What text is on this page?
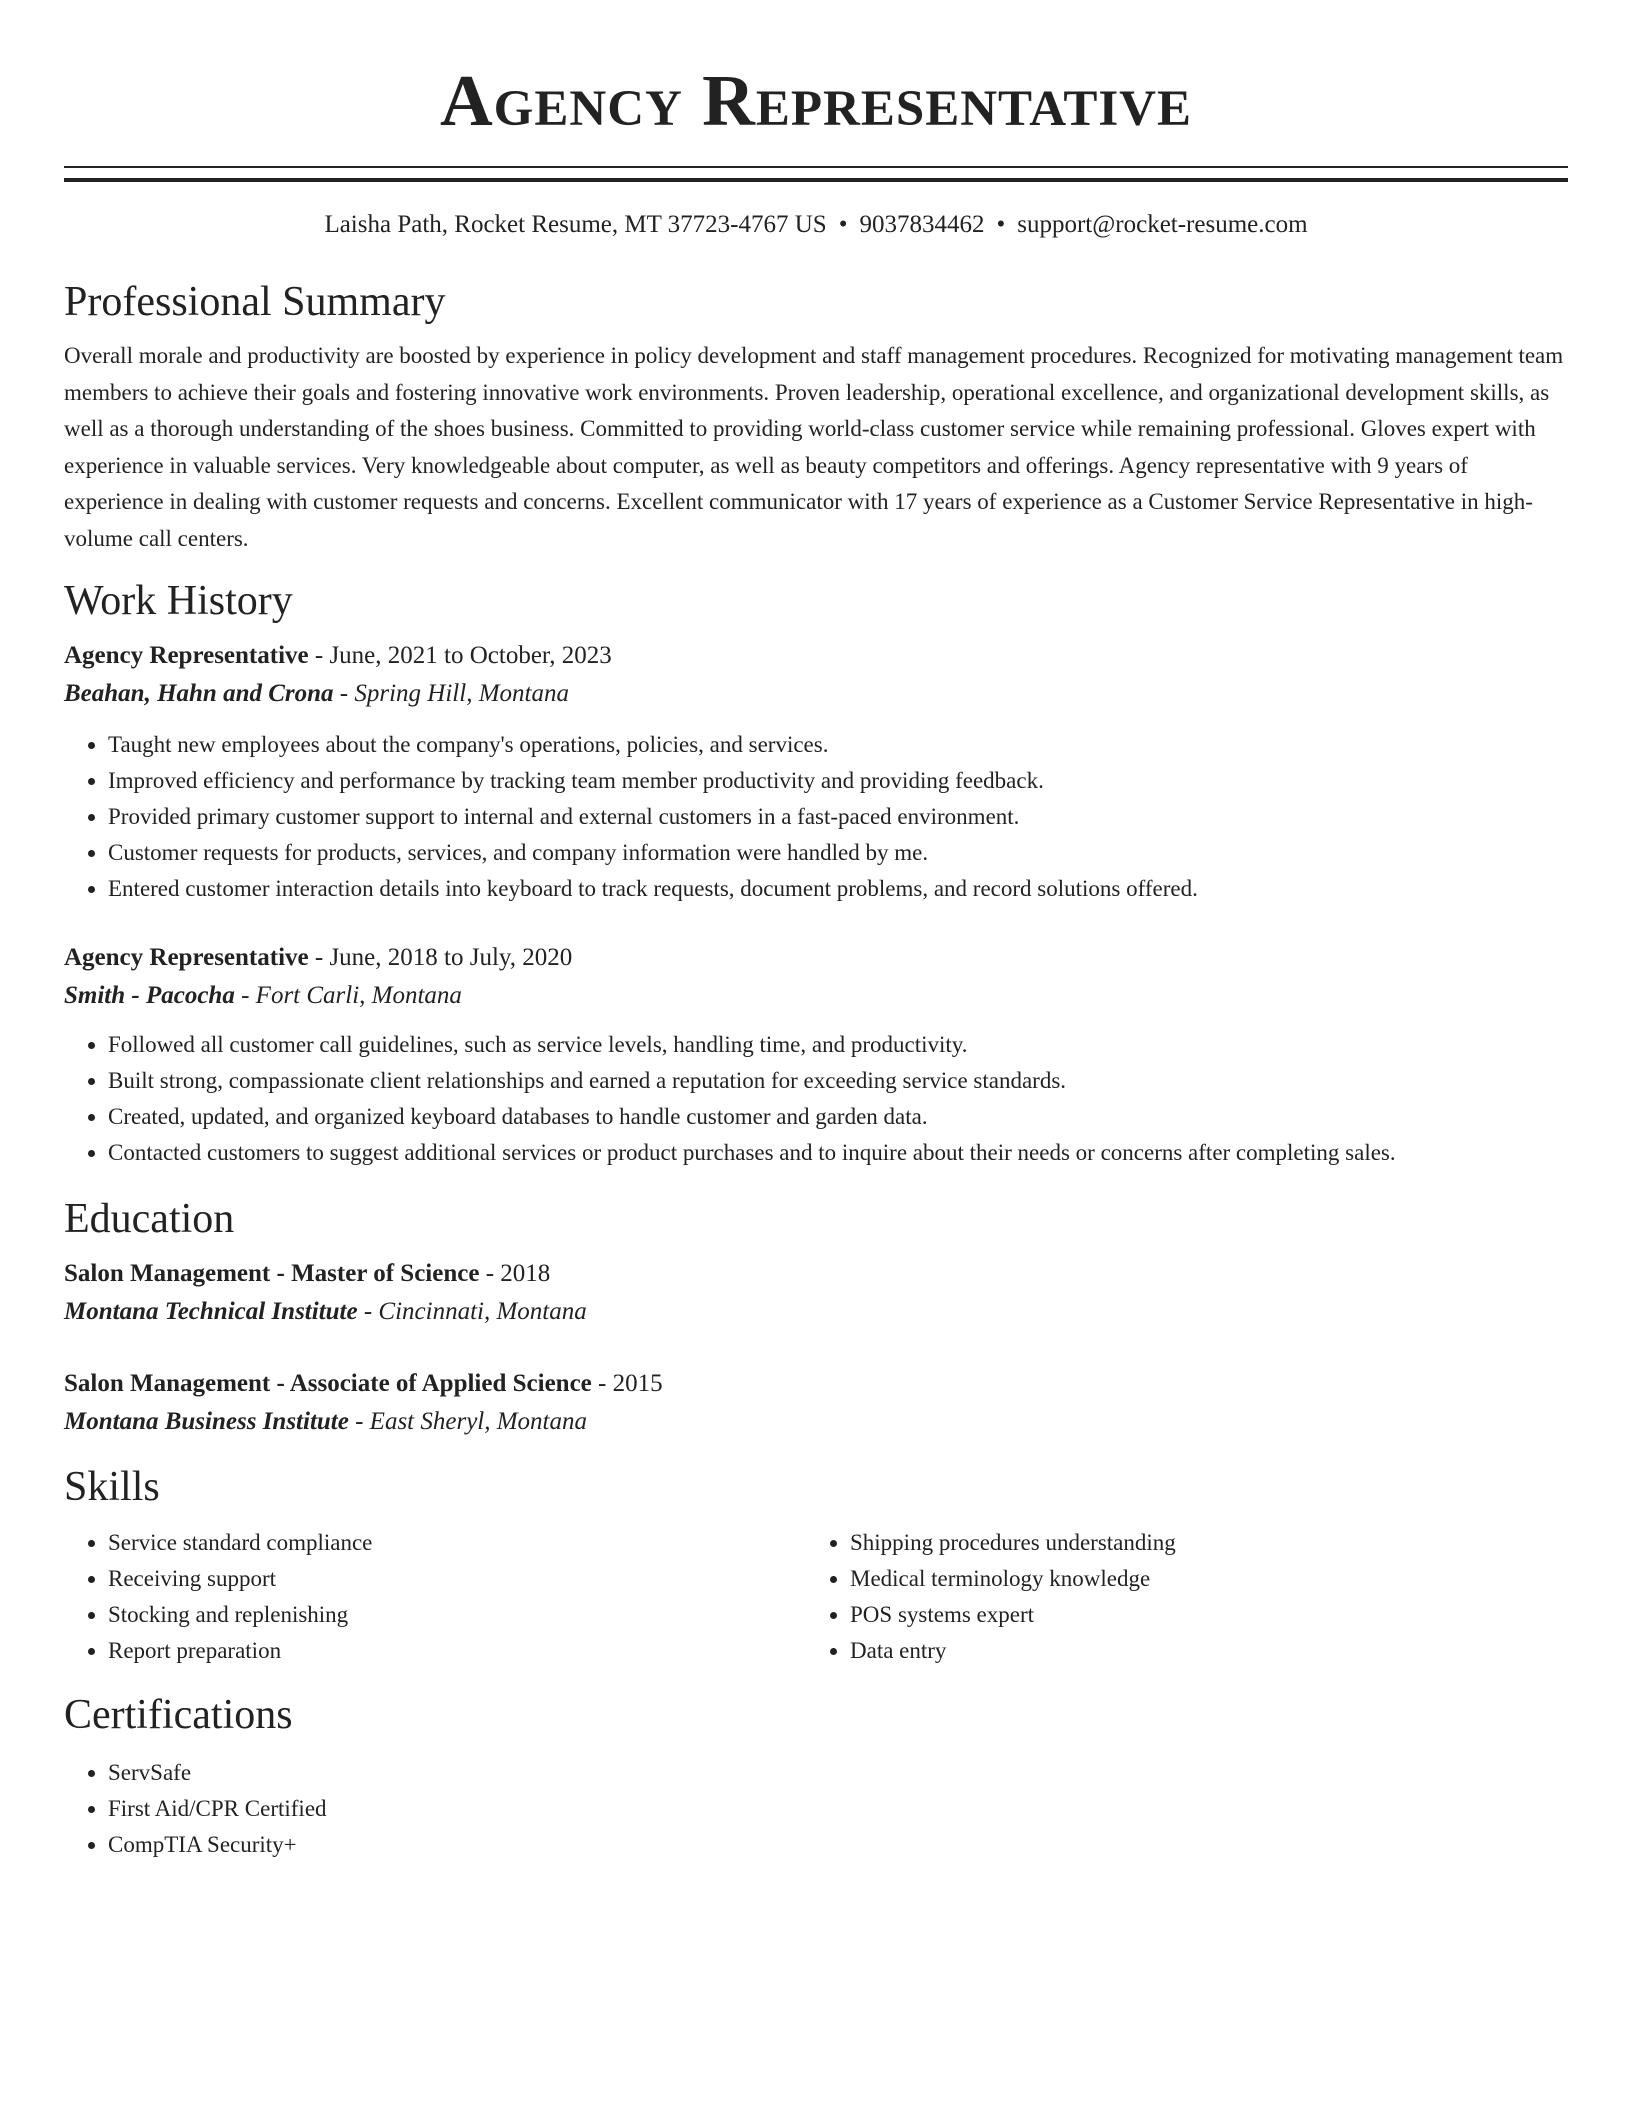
Agency Representative
Laisha Path, Rocket Resume, MT 37723-4767 US • 9037834462 • support@rocket-resume.com
Professional Summary

Overall morale and productivity are boosted by experience in policy development and staff management procedures. Recognized for motivating management team members to achieve their goals and fostering innovative work environments. Proven leadership, operational excellence, and organizational development skills, as well as a thorough understanding of the shoes business. Committed to providing world-class customer service while remaining professional. Gloves expert with experience in valuable services. Very knowledgeable about computer, as well as beauty competitors and offerings. Agency representative with 9 years of experience in dealing with customer requests and concerns. Excellent communicator with 17 years of experience as a Customer Service Representative in high-volume call centers.

Work History
Agency Representative - June, 2021 to October, 2023
Beahan, Hahn and Crona - Spring Hill, Montana
• Taught new employees about the company's operations, policies, and services.
• Improved efficiency and performance by tracking team member productivity and providing feedback.
• Provided primary customer support to internal and external customers in a fast-paced environment.
• Customer requests for products, services, and company information were handled by me.
• Entered customer interaction details into keyboard to track requests, document problems, and record solutions offered.
Agency Representative - June, 2018 to July, 2020
Smith - Pacocha - Fort Carli, Montana
• Followed all customer call guidelines, such as service levels, handling time, and productivity.
• Built strong, compassionate client relationships and earned a reputation for exceeding service standards.
• Created, updated, and organized keyboard databases to handle customer and garden data.
• Contacted customers to suggest additional services or product purchases and to inquire about their needs or concerns after completing sales.
Education
Salon Management - Master of Science - 2018
Montana Technical Institute - Cincinnati, Montana
Salon Management - Associate of Applied Science - 2015
Montana Business Institute - East Sheryl, Montana
Skills
• Service standard compliance
• Receiving support
• Stocking and replenishing
• Report preparation
• Shipping procedures understanding
• Medical terminology knowledge
• POS systems expert
• Data entry
Certifications
• ServSafe
• First Aid/CPR Certified
• CompTIA Security+
